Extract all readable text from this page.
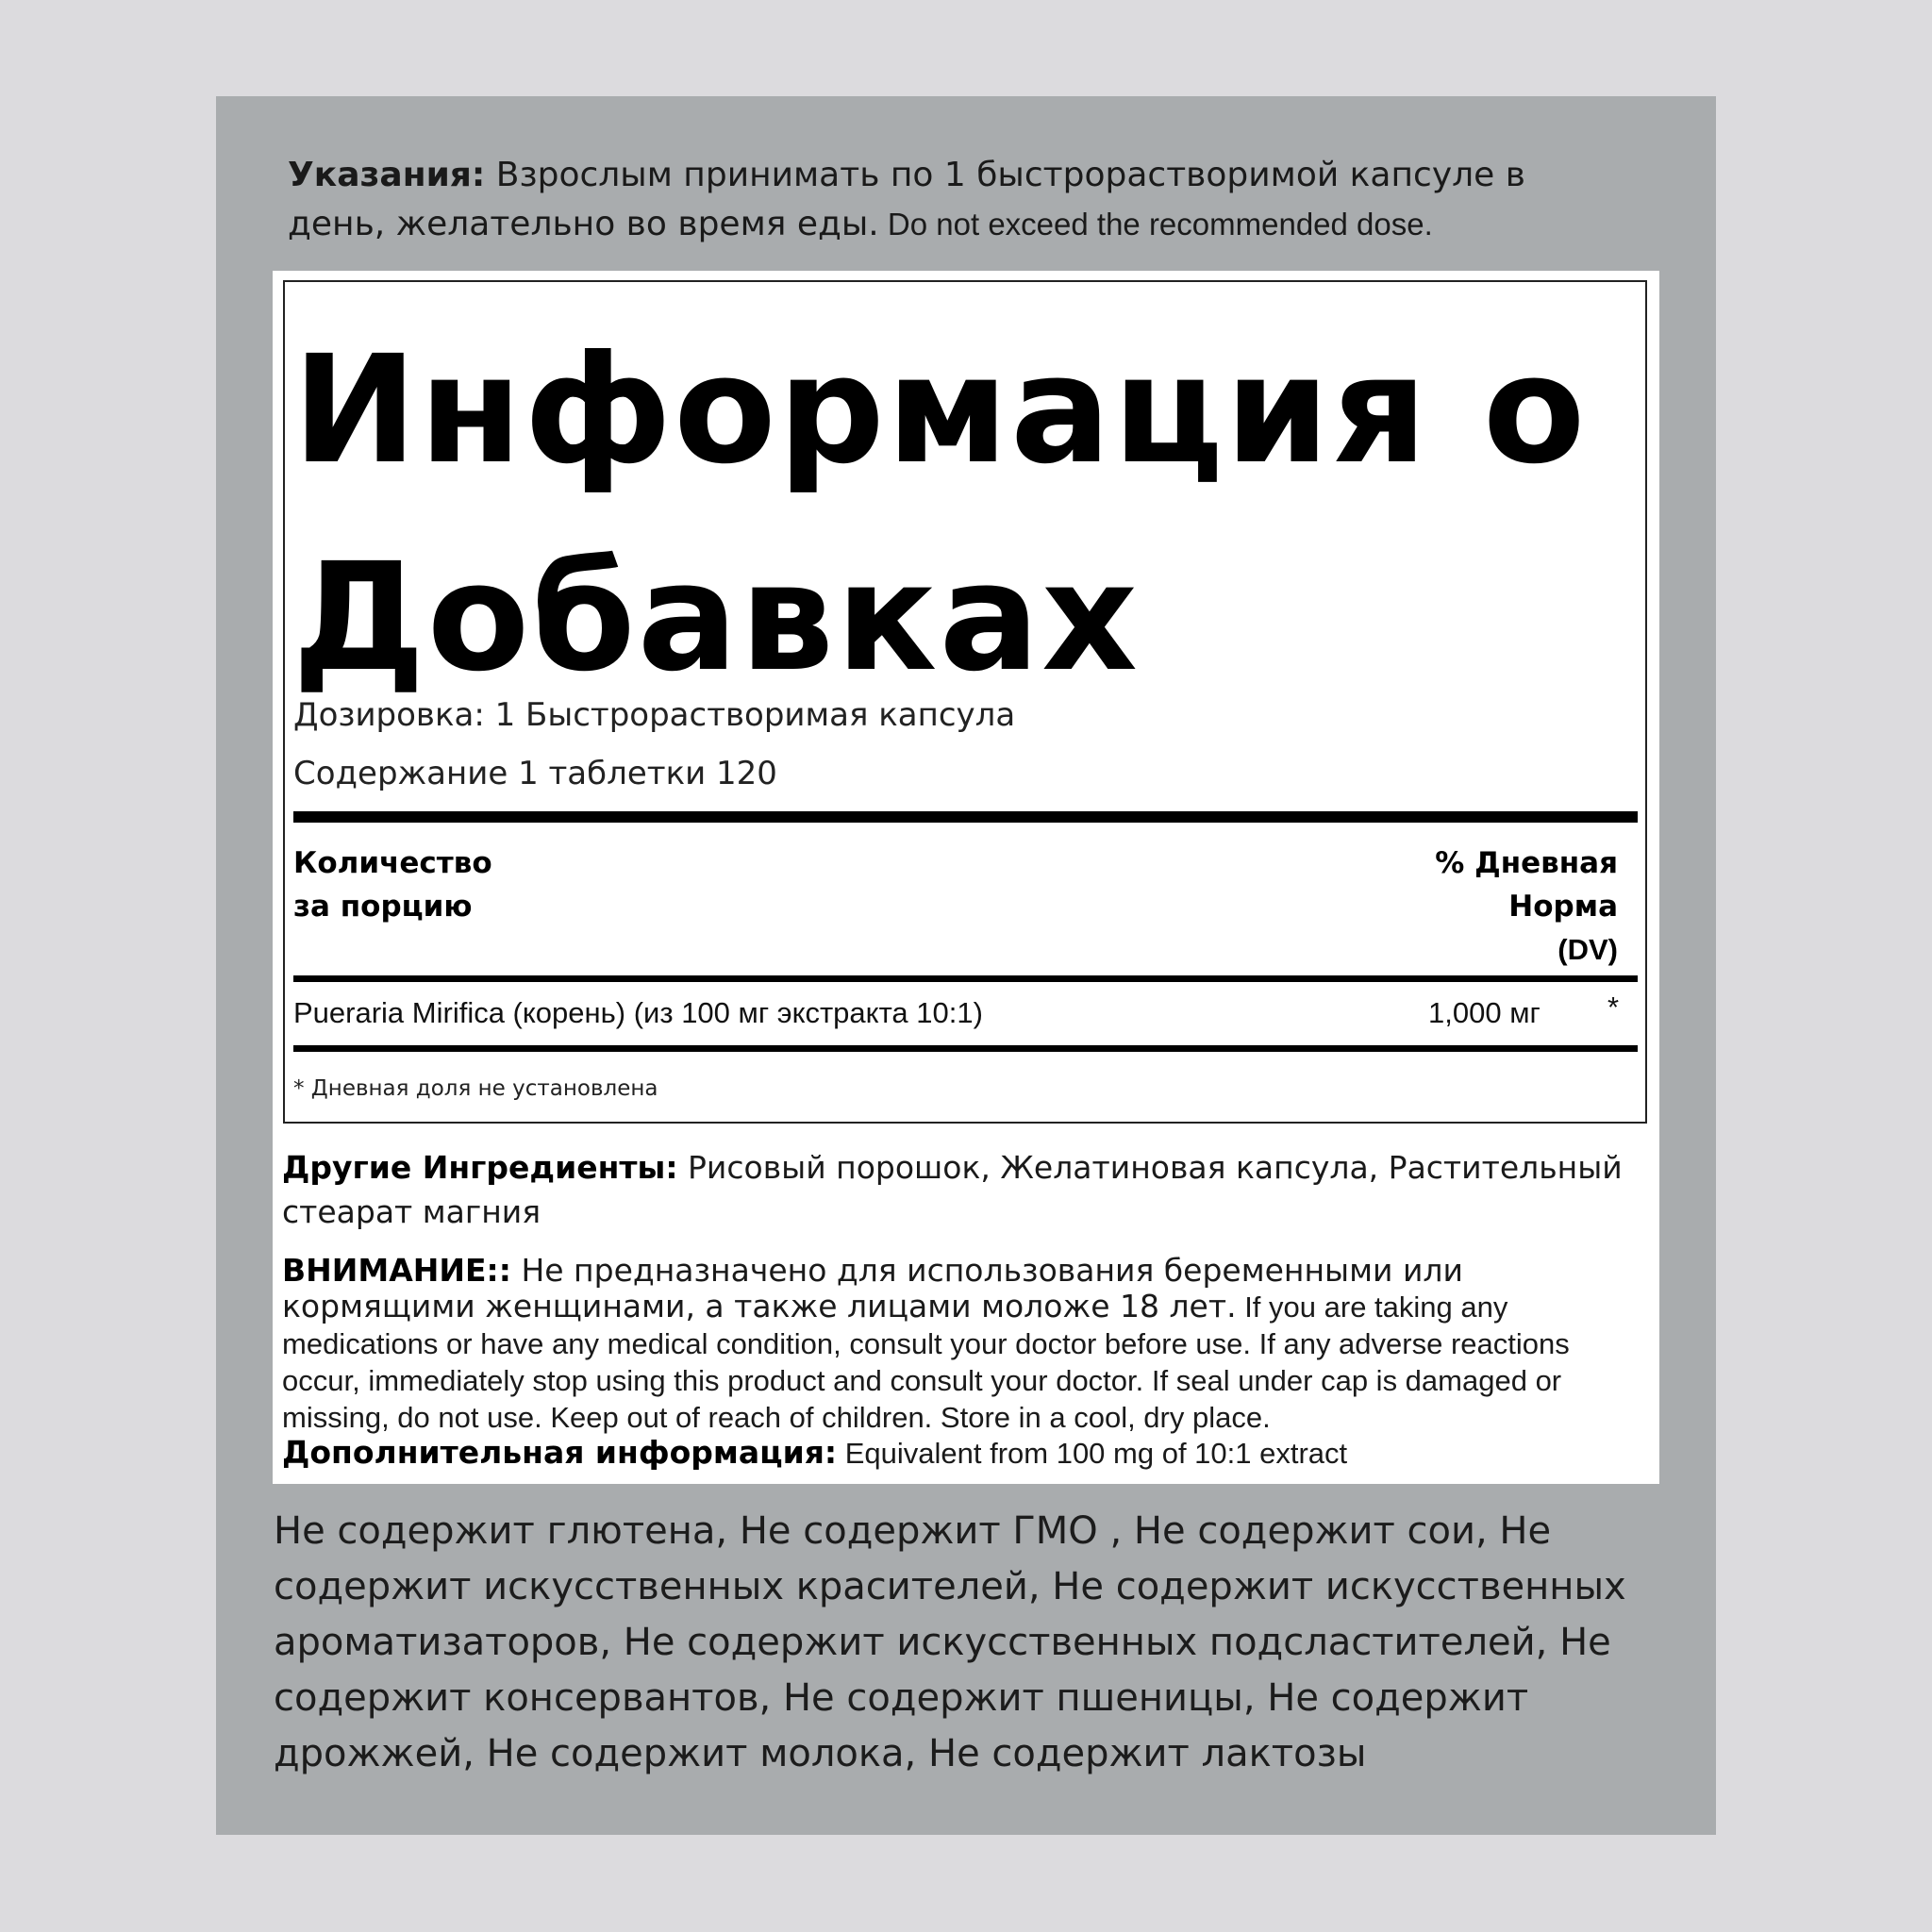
Указания: Взрослым принимать по 1 быстрорастворимой капсуле в день, желательно во время еды. Do not exceed the recommended dose.
Информация о
Добавках
Дозировка: 1 Быстрорастворимая капсула
Содержание 1 таблетки 120
Количество
за порцию
% Дневная
Норма
(DV)
Pueraria Mirifica (корень) (из 100 мг экстракта 10:1)	1,000 мг *
* Дневная доля не установлена
Другие Ингредиенты: Рисовый порошок, Желатиновая капсула, Растительный стеарат магния
ВНИМАНИЕ:: Не предназначено для использования беременными или кормящими женщинами, а также лицами моложе 18 лет. If you are taking any medications or have any medical condition, consult your doctor before use. If any adverse reactions occur, immediately stop using this product and consult your doctor. If seal under cap is damaged or missing, do not use. Keep out of reach of children. Store in a cool, dry place.
Дополнительная информация: Equivalent from 100 mg of 10:1 extract
Не содержит глютена, Не содержит ГМО , Не содержит сои, Не содержит искусственных красителей, Не содержит искусственных ароматизаторов, Не содержит искусственных подсластителей, Не содержит консервантов, Не содержит пшеницы, Не содержит дрожжей, Не содержит молока, Не содержит лактозы
